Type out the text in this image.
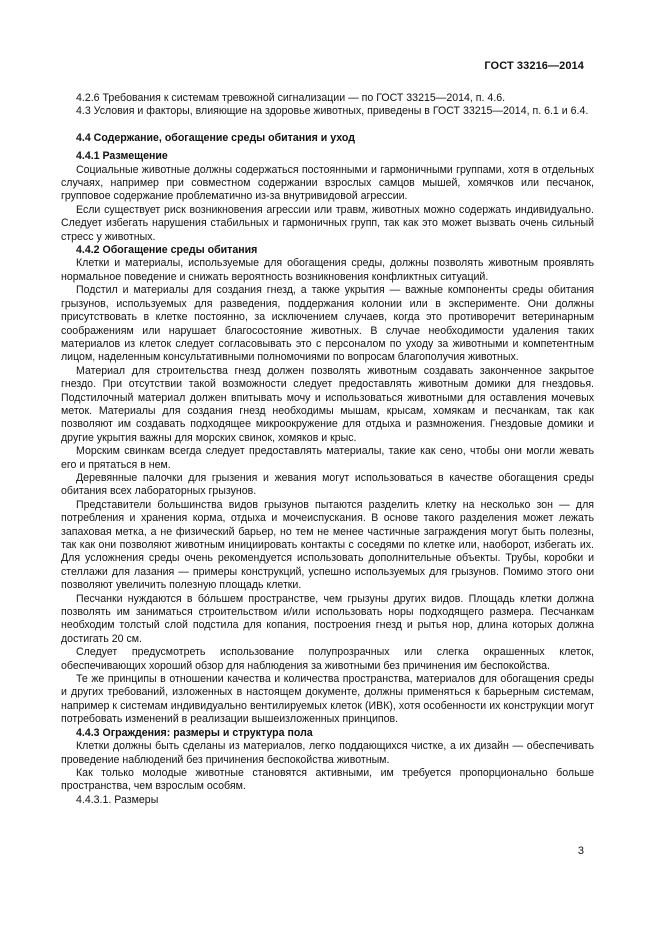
ГОСТ 33216—2014

4.2.6 Требования к системам тревожной сигнализации — по ГОСТ 33215—2014, п. 4.6.

4.3 Условия и факторы, влияющие на здоровье животных, приведены в ГОСТ 33215—2014, п. 6.1 и 6.4.

4.4 Содержание, обогащение среды обитания и уход

4.4.1 Размещение

Социальные животные должны содержаться постоянными и гармоничными группами, хотя в отдельных случаях, например при совместном содержании взрослых самцов мышей, хомячков или песчанок, групповое содержание проблематично из-за внутривидовой агрессии.

Если существует риск возникновения агрессии или травм, животных можно содержать индивидуально. Следует избегать нарушения стабильных и гармоничных групп, так как это может вызвать очень сильный стресс у животных.

4.4.2 Обогащение среды обитания

Клетки и материалы, используемые для обогащения среды, должны позволять животным проявлять нормальное поведение и снижать вероятность возникновения конфликтных ситуаций.

Подстил и материалы для создания гнезд, а также укрытия — важные компоненты среды обитания грызунов, используемых для разведения, поддержания колонии или в эксперименте. Они должны присутствовать в клетке постоянно, за исключением случаев, когда это противоречит ветеринарным соображениям или нарушает благосостояние животных. В случае необходимости удаления таких материалов из клеток следует согласовывать это с персоналом по уходу за животными и компетентным лицом, наделенным консультативными полномочиями по вопросам благополучия животных.

Материал для строительства гнезд должен позволять животным создавать законченное закрытое гнездо. При отсутствии такой возможности следует предоставлять животным домики для гнездовья. Подстилочный материал должен впитывать мочу и использоваться животными для оставления мочевых меток. Материалы для создания гнезд необходимы мышам, крысам, хомякам и песчанкам, так как позволяют им создавать подходящее микроокружение для отдыха и размножения. Гнездовые домики и другие укрытия важны для морских свинок, хомяков и крыс.

Морским свинкам всегда следует предоставлять материалы, такие как сено, чтобы они могли жевать его и прятаться в нем.

Деревянные палочки для грызения и жевания могут использоваться в качестве обогащения среды обитания всех лабораторных грызунов.

Представители большинства видов грызунов пытаются разделить клетку на несколько зон — для потребления и хранения корма, отдыха и мочеиспускания. В основе такого разделения может лежать запаховая метка, а не физический барьер, но тем не менее частичные заграждения могут быть полезны, так как они позволяют животным инициировать контакты с соседями по клетке или, наоборот, избегать их. Для усложнения среды очень рекомендуется использовать дополнительные объекты. Трубы, коробки и стеллажи для лазания — примеры конструкций, успешно используемых для грызунов. Помимо этого они позволяют увеличить полезную площадь клетки.

Песчанки нуждаются в бо́льшем пространстве, чем грызуны других видов. Площадь клетки должна позволять им заниматься строительством и/или использовать норы подходящего размера. Песчанкам необходим толстый слой подстила для копания, построения гнезд и рытья нор, длина которых должна достигать 20 см.

Следует предусмотреть использование полупрозрачных или слегка окрашенных клеток, обеспечивающих хороший обзор для наблюдения за животными без причинения им беспокойства.

Те же принципы в отношении качества и количества пространства, материалов для обогащения среды и других требований, изложенных в настоящем документе, должны применяться к барьерным системам, например к системам индивидуально вентилируемых клеток (ИВК), хотя особенности их конструкции могут потребовать изменений в реализации вышеизложенных принципов.

4.4.3 Ограждения: размеры и структура пола

Клетки должны быть сделаны из материалов, легко поддающихся чистке, а их дизайн — обеспечивать проведение наблюдений без причинения беспокойства животным.

Как только молодые животные становятся активными, им требуется пропорционально больше пространства, чем взрослым особям.

4.4.3.1. Размеры

3
